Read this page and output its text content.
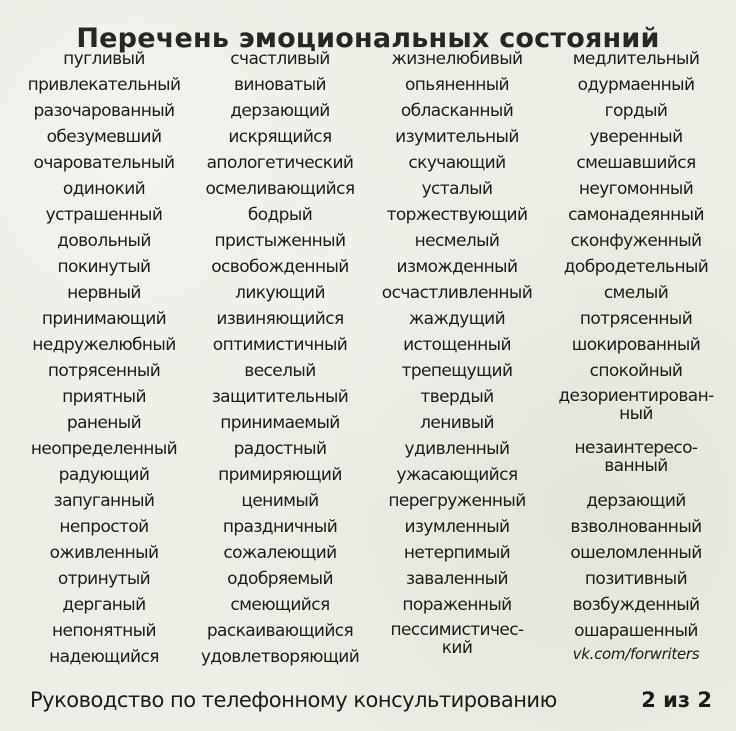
Перечень эмоциональных состояний
пугливый
привлекательный
разочарованный
обезумевший
очаровательный
одинокий
устрашенный
довольный
покинутый
нервный
принимающий
недружелюбный
потрясенный
приятный
раненый
неопределенный
радующий
запуганный
непростой
оживленный
отринутый
дерганый
непонятный
надеющийся
счастливый
виноватый
дерзающий
искрящийся
апологетический
осмеливающийся
бодрый
пристыженный
освобожденный
ликующий
извиняющийся
оптимистичный
веселый
защитительный
принимаемый
радостный
примиряющий
ценимый
праздничный
сожалеющий
одобряемый
смеющийся
раскаивающийся
удовлетворяющий
жизнелюбивый
опьяненный
обласканный
изумительный
скучающий
усталый
торжествующий
несмелый
изможденный
осчастливленный
жаждущий
истощенный
трепещущий
твердый
ленивый
удивленный
ужасающийся
перегруженный
изумленный
нетерпимый
заваленный
пораженный
пессимистичес-
кий
медлительный
одурмаенный
гордый
уверенный
смешавшийся
неугомонный
самонадеянный
сконфуженный
добродетельный
смелый
потрясенный
шокированный
спокойный
дезориентирован-
ный
незаинтересо-
ванный
дерзающий
взволнованный
ошеломленный
позитивный
возбужденный
ошарашенный
vk.com/forwriters
Руководство по телефонному консультированию	2 из 2
